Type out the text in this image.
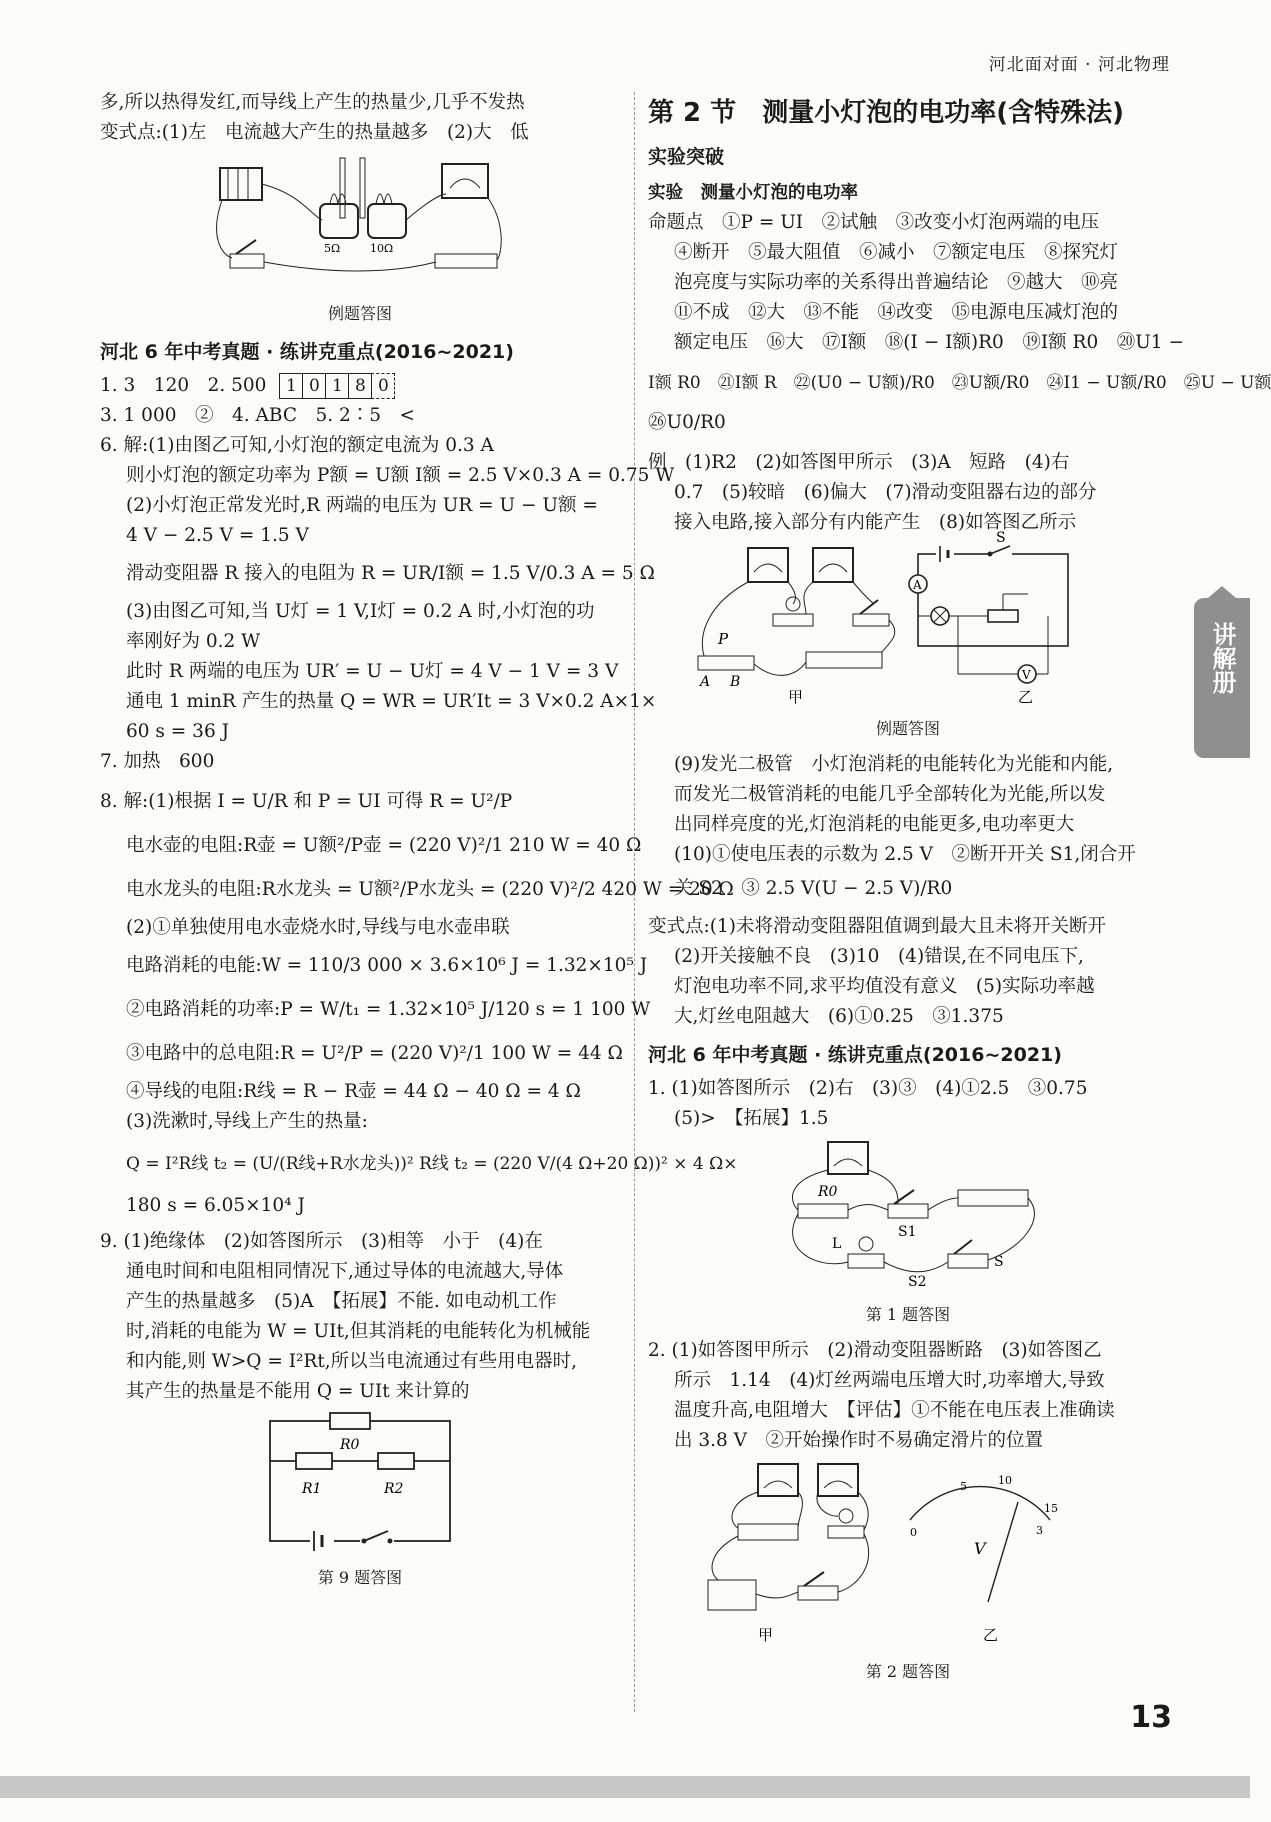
河北面对面 · 河北物理
多,所以热得发红,而导线上产生的热量少,几乎不发热
变式点:(1)左　电流越大产生的热量越多　(2)大　低
5Ω	10Ω
例题答图
河北 6 年中考真题 · 练讲克重点(2016~2021)
1. 3　120　2. 500 1 0 1 8 0
3. 1 000　②　4. ABC　5. 2∶5　<
6. 解:(1)由图乙可知,小灯泡的额定电流为 0.3 A
则小灯泡的额定功率为 P额 = U额 I额 = 2.5 V×0.3 A = 0.75 W
(2)小灯泡正常发光时,R 两端的电压为 UR = U − U额 =
4 V − 2.5 V = 1.5 V
滑动变阻器 R 接入的电阻为 R = UR/I额 = 1.5 V/0.3 A = 5 Ω
(3)由图乙可知,当 U灯 = 1 V,I灯 = 0.2 A 时,小灯泡的功
率刚好为 0.2 W
此时 R 两端的电压为 UR′ = U − U灯 = 4 V − 1 V = 3 V
通电 1 minR 产生的热量 Q = WR = UR′It = 3 V×0.2 A×1×
60 s = 36 J
7. 加热　600
8. 解:(1)根据 I = U/R 和 P = UI 可得 R = U²/P
电水壶的电阻:R壶 = U额²/P壶 = (220 V)²/1 210 W = 40 Ω
电水龙头的电阻:R水龙头 = U额²/P水龙头 = (220 V)²/2 420 W = 20 Ω
(2)①单独使用电水壶烧水时,导线与电水壶串联
电路消耗的电能:W = 110/3 000 × 3.6×10⁶ J = 1.32×10⁵ J
②电路消耗的功率:P = W/t₁ = 1.32×10⁵ J/120 s = 1 100 W
③电路中的总电阻:R = U²/P = (220 V)²/1 100 W = 44 Ω
④导线的电阻:R线 = R − R壶 = 44 Ω − 40 Ω = 4 Ω
(3)洗漱时,导线上产生的热量:
Q = I²R线 t₂ = (U/(R线+R水龙头))² R线 t₂ = (220 V/(4 Ω+20 Ω))² × 4 Ω×
180 s = 6.05×10⁴ J
9. (1)绝缘体　(2)如答图所示　(3)相等　小于　(4)在
通电时间和电阻相同情况下,通过导体的电流越大,导体
产生的热量越多　(5)A　【拓展】不能. 如电动机工作
时,消耗的电能为 W = UIt,但其消耗的电能转化为机械能
和内能,则 W>Q = I²Rt,所以当电流通过有些用电器时,
其产生的热量是不能用 Q = UIt 来计算的
R0
R1	R2
第 9 题答图
第 2 节　测量小灯泡的电功率(含特殊法)
实验突破
实验　测量小灯泡的电功率
命题点　①P = UI　②试触　③改变小灯泡两端的电压
④断开　⑤最大阻值　⑥减小　⑦额定电压　⑧探究灯
泡亮度与实际功率的关系得出普遍结论　⑨越大　⑩亮
⑪不成　⑫大　⑬不能　⑭改变　⑮电源电压减灯泡的
额定电压　⑯大　⑰I额　⑱(I − I额)R0　⑲I额 R0　⑳U1 −
I额 R0　㉑I额 R　㉒(U0 − U额)/R0　㉓U额/R0　㉔I1 − U额/R0　㉕U − U额
㉖U0/R0
例　(1)R2　(2)如答图甲所示　(3)A　短路　(4)右
0.7　(5)较暗　(6)偏大　(7)滑动变阻器右边的部分
接入电路,接入部分有内能产生　(8)如答图乙所示
P
A B
甲
S
A
V
乙
例题答图
(9)发光二极管　小灯泡消耗的电能转化为光能和内能,
而发光二极管消耗的电能几乎全部转化为光能,所以发
出同样亮度的光,灯泡消耗的电能更多,电功率更大
(10)①使电压表的示数为 2.5 V　②断开开关 S1,闭合开
关 S2　③ 2.5 V(U − 2.5 V)/R0
变式点:(1)未将滑动变阻器阻值调到最大且未将开关断开
(2)开关接触不良　(3)10　(4)错误,在不同电压下,
灯泡电功率不同,求平均值没有意义　(5)实际功率越
大,灯丝电阻越大　(6)①0.25　③1.375
河北 6 年中考真题 · 练讲克重点(2016~2021)
1. (1)如答图所示　(2)右　(3)③　(4)①2.5　③0.75
(5)>　【拓展】1.5
R0
S1
L
S
S2
第 1 题答图
2. (1)如答图甲所示　(2)滑动变阻器断路　(3)如答图乙
所示　1.14　(4)灯丝两端电压增大时,功率增大,导致
温度升高,电阻增大　【评估】①不能在电压表上准确读
出 3.8 V　②开始操作时不易确定滑片的位置
甲
5	10
0
15
V
3
乙
第 2 题答图
讲解册
13
